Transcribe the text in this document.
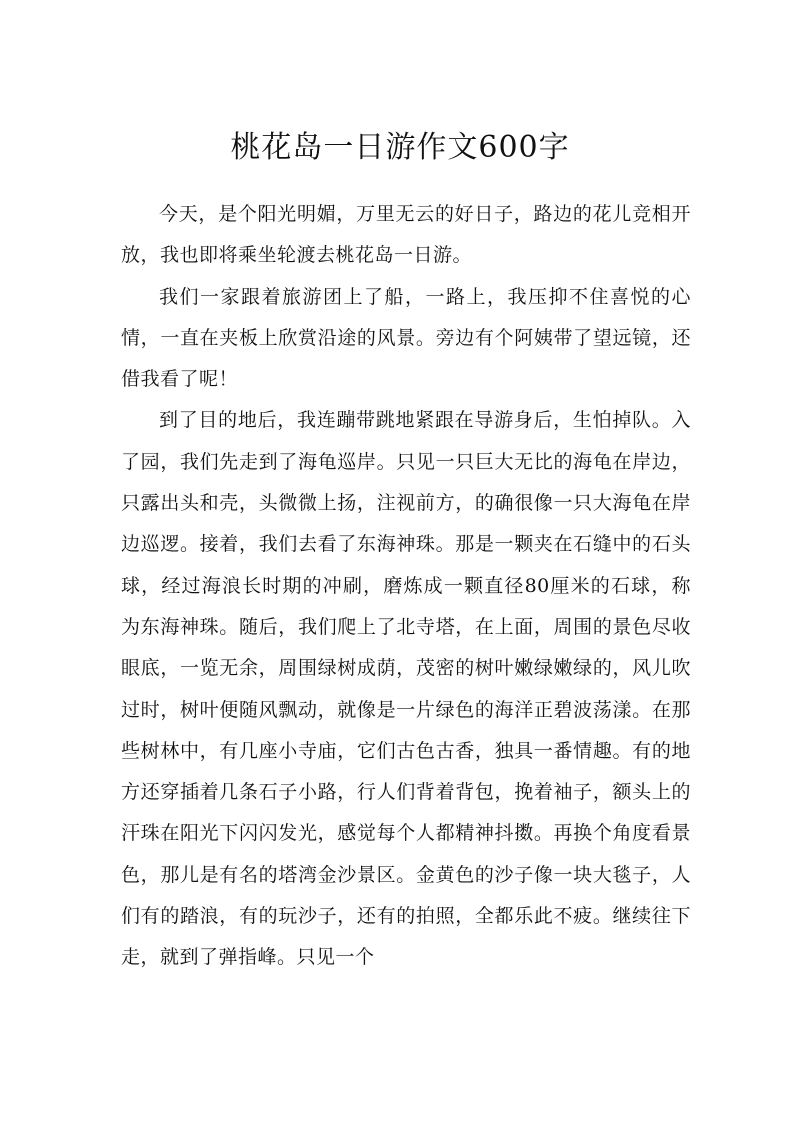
桃花岛一日游作文600字

今天，是个阳光明媚，万里无云的好日子，路边的花儿竞相开放，我也即将乘坐轮渡去桃花岛一日游。

我们一家跟着旅游团上了船，一路上，我压抑不住喜悦的心情，一直在夹板上欣赏沿途的风景。旁边有个阿姨带了望远镜，还借我看了呢！

到了目的地后，我连蹦带跳地紧跟在导游身后，生怕掉队。入了园，我们先走到了海龟巡岸。只见一只巨大无比的海龟在岸边，只露出头和壳，头微微上扬，注视前方，的确很像一只大海龟在岸边巡逻。接着，我们去看了东海神珠。那是一颗夹在石缝中的石头球，经过海浪长时期的冲刷，磨炼成一颗直径80厘米的石球，称为东海神珠。随后，我们爬上了北寺塔，在上面，周围的景色尽收眼底，一览无余，周围绿树成荫，茂密的树叶嫩绿嫩绿的，风儿吹过时，树叶便随风飘动，就像是一片绿色的海洋正碧波荡漾。在那些树林中，有几座小寺庙，它们古色古香，独具一番情趣。有的地方还穿插着几条石子小路，行人们背着背包，挽着袖子，额头上的汗珠在阳光下闪闪发光，感觉每个人都精神抖擞。再换个角度看景色，那儿是有名的塔湾金沙景区。金黄色的沙子像一块大毯子，人们有的踏浪，有的玩沙子，还有的拍照，全都乐此不疲。继续往下走，就到了弹指峰。只见一个
